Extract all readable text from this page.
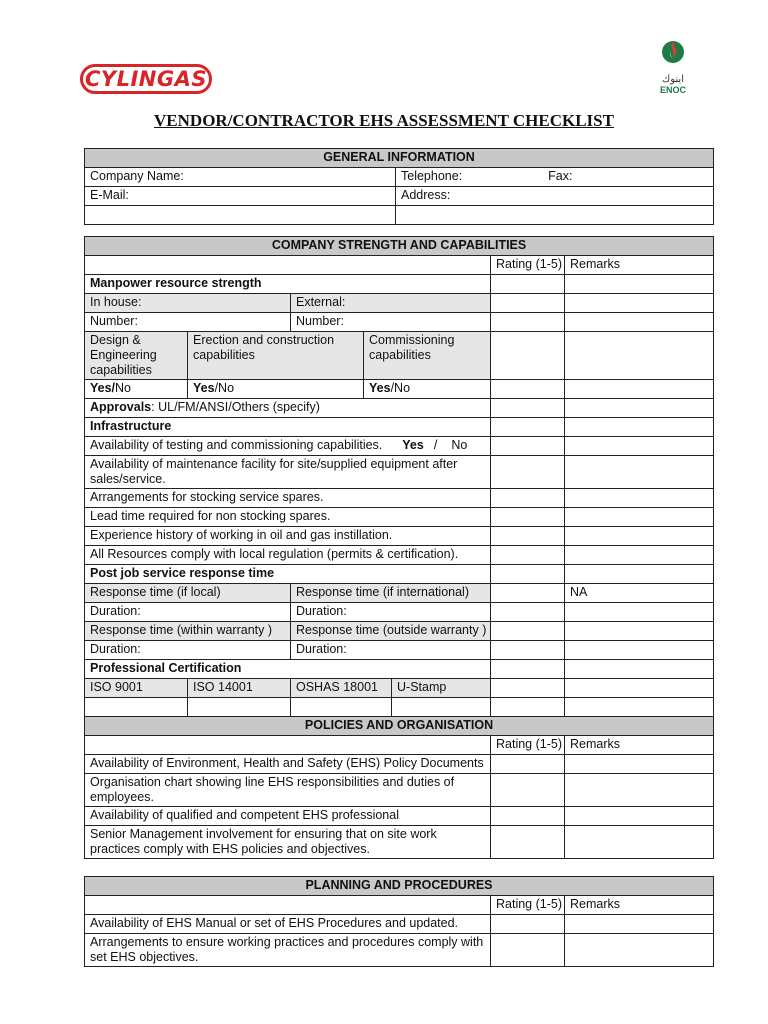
CYLINGAS	اينوك
ENOC
VENDOR/CONTRACTOR EHS ASSESSMENT CHECKLIST
GENERAL INFORMATION	
Company Name:	Telephone: Fax:
E-Mail:	Address:

COMPANY STRENGTH AND CAPABILITIES						
					Rating (1-5)	Remarks
Manpower resource strength						
In house:		External:				
Number:		Number:				
Design & Engineering capabilities	Erection and construction capabilities		Commissioning capabilities			
Yes/No	Yes/No		Yes/No			
Approvals: UL/FM/ANSI/Others (specify)						
Infrastructure						
Availability of testing and commissioning capabilities. Yes / No						
Availability of maintenance facility for site/supplied equipment after sales/service.						
Arrangements for stocking service spares.						
Lead time required for non stocking spares.						
Experience history of working in oil and gas instillation.						
All Resources comply with local regulation (permits & certification).						
Post job service response time						
Response time (if local)		Response time (if international)				NA
Duration:		Duration:				
Response time (within warranty )		Response time (outside warranty )				
Duration:		Duration:				
Professional Certification						
ISO 9001	ISO 14001	OSHAS 18001		U-Stamp		

POLICIES AND ORGANISATION		
	Rating (1-5)	Remarks
Availability of Environment, Health and Safety (EHS) Policy Documents		
Organisation chart showing line EHS responsibilities and duties of employees.		
Availability of qualified and competent EHS professional		
Senior Management involvement for ensuring that on site work practices comply with EHS policies and objectives.		
PLANNING AND PROCEDURES		
	Rating (1-5)	Remarks
Availability of EHS Manual or set of EHS Procedures and updated.		
Arrangements to ensure working practices and procedures comply with set EHS objectives.		
